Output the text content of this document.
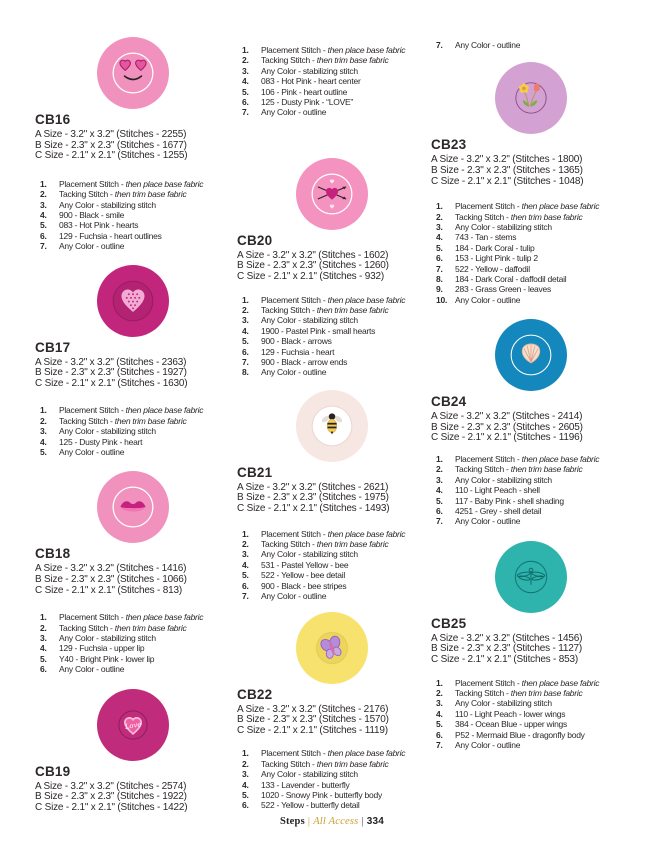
CB16
A Size - 3.2" x 3.2" (Stitches - 2255)
B Size - 2.3" x 2.3" (Stitches - 1677)
C Size - 2.1" x 2.1" (Stitches - 1255)
1.	Placement Stitch - then place base fabric
2.	Tacking Stitch - then trim base fabric
3.	Any Color - stabilizing stitch
4.	900 - Black - smile
5.	083 - Hot Pink - hearts
6.	129 - Fuchsia - heart outlines
7.	Any Color - outline
CB17
A Size - 3.2" x 3.2" (Stitches - 2363)
B Size - 2.3" x 2.3" (Stitches - 1927)
C Size - 2.1" x 2.1" (Stitches - 1630)
1.	Placement Stitch - then place base fabric
2.	Tacking Stitch - then trim base fabric
3.	Any Color - stabilizing stitch
4.	125 - Dusty Pink - heart
5.	Any Color - outline
CB18
A Size - 3.2" x 3.2" (Stitches - 1416)
B Size - 2.3" x 2.3" (Stitches - 1066)
C Size - 2.1" x 2.1" (Stitches - 813)
1.	Placement Stitch - then place base fabric
2.	Tacking Stitch - then trim base fabric
3.	Any Color - stabilizing stitch
4.	129 - Fuchsia - upper lip
5.	Y40 - Bright Pink - lower lip
6.	Any Color - outline
Love
CB19
A Size - 3.2" x 3.2" (Stitches - 2574)
B Size - 2.3" x 2.3" (Stitches - 1922)
C Size - 2.1" x 2.1" (Stitches - 1422)
1.	Placement Stitch - then place base fabric
2.	Tacking Stitch - then trim base fabric
3.	Any Color - stabilizing stitch
4.	083 - Hot Pink - heart center
5.	106 - Pink - heart outline
6.	125 - Dusty Pink - “LOVE”
7.	Any Color - outline
CB20
A Size - 3.2" x 3.2" (Stitches - 1602)
B Size - 2.3" x 2.3" (Stitches - 1260)
C Size - 2.1" x 2.1" (Stitches - 932)
1.	Placement Stitch - then place base fabric
2.	Tacking Stitch - then trim base fabric
3.	Any Color - stabilizing stitch
4.	1900 - Pastel Pink - small hearts
5.	900 - Black - arrows
6.	129 - Fuchsia - heart
7.	900 - Black - arrow ends
8.	Any Color - outline
CB21
A Size - 3.2" x 3.2" (Stitches - 2621)
B Size - 2.3" x 2.3" (Stitches - 1975)
C Size - 2.1" x 2.1" (Stitches - 1493)
1.	Placement Stitch - then place base fabric
2.	Tacking Stitch - then trim base fabric
3.	Any Color - stabilizing stitch
4.	531 - Pastel Yellow - bee
5.	522 - Yellow - bee detail
6.	900 - Black - bee stripes
7.	Any Color - outline
CB22
A Size - 3.2" x 3.2" (Stitches - 2176)
B Size - 2.3" x 2.3" (Stitches - 1570)
C Size - 2.1" x 2.1" (Stitches - 1119)
1.	Placement Stitch - then place base fabric
2.	Tacking Stitch - then trim base fabric
3.	Any Color - stabilizing stitch
4.	133 - Lavender - butterfly
5.	1020 - Snowy Pink - butterfly body
6.	522 - Yellow - butterfly detail
Steps | All Access | 334
7.	Any Color - outline
CB23
A Size - 3.2" x 3.2" (Stitches - 1800)
B Size - 2.3" x 2.3" (Stitches - 1365)
C Size - 2.1" x 2.1" (Stitches - 1048)
1.	Placement Stitch - then place base fabric
2.	Tacking Stitch - then trim base fabric
3.	Any Color - stabilizing stitch
4.	743 - Tan - stems
5.	184 - Dark Coral - tulip
6.	153 - Light Pink - tulip 2
7.	522 - Yellow - daffodil
8.	184 - Dark Coral - daffodil detail
9.	283 - Grass Green - leaves
10. Any Color - outline
CB24
A Size - 3.2" x 3.2" (Stitches - 2414)
B Size - 2.3" x 2.3" (Stitches - 2605)
C Size - 2.1" x 2.1" (Stitches - 1196)
1.	Placement Stitch - then place base fabric
2.	Tacking Stitch - then trim base fabric
3.	Any Color - stabilizing stitch
4.	110 - Light Peach - shell
5.	117 - Baby Pink - shell shading
6.	4251 - Grey - shell detail
7.	Any Color - outline
CB25
A Size - 3.2" x 3.2" (Stitches - 1456)
B Size - 2.3" x 2.3" (Stitches - 1127)
C Size - 2.1" x 2.1" (Stitches - 853)
1.	Placement Stitch - then place base fabric
2.	Tacking Stitch - then trim base fabric
3.	Any Color - stabilizing stitch
4.	110 - Light Peach - lower wings
5.	384 - Ocean Blue - upper wings
6.	P52 - Mermaid Blue - dragonfly body
7.	Any Color - outline
